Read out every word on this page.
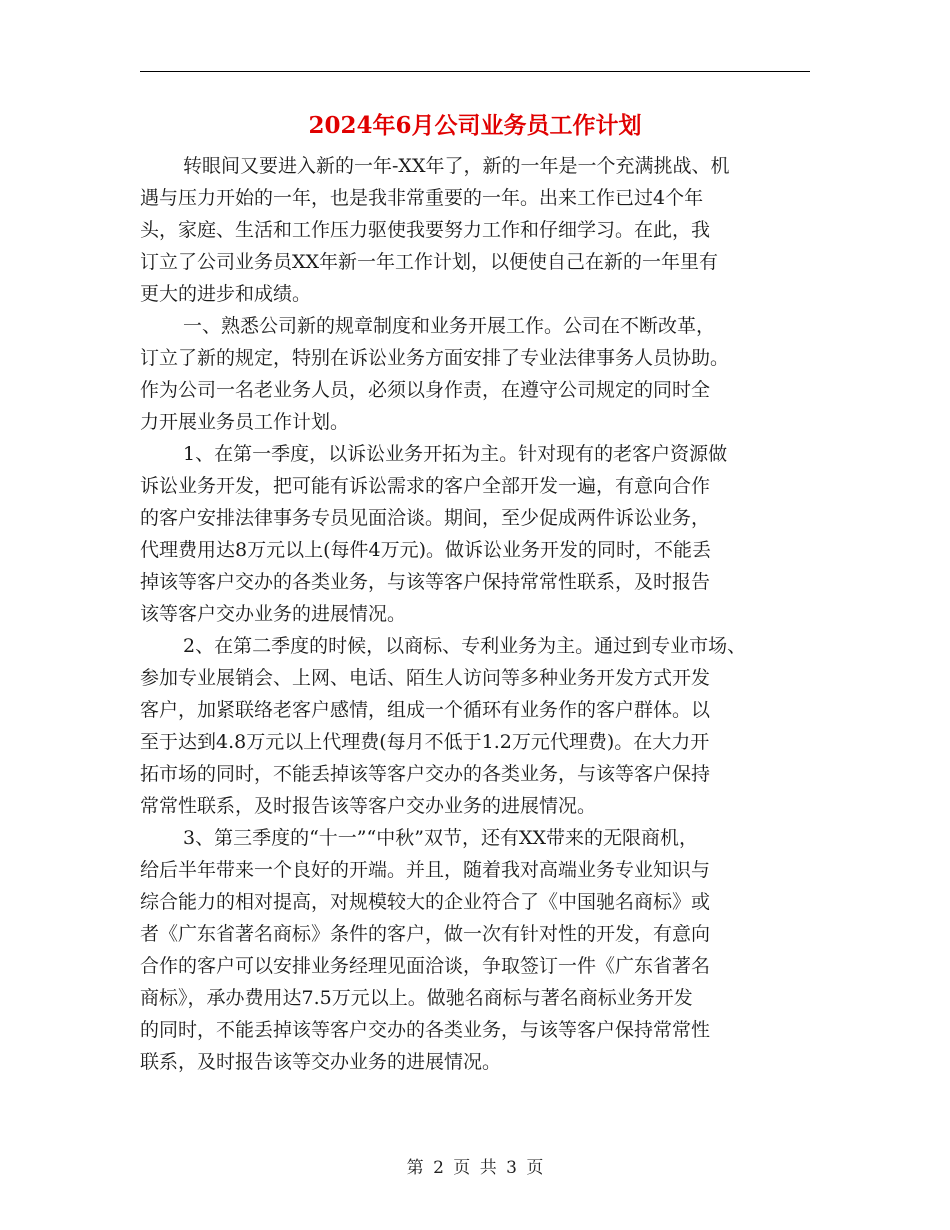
2024年6月公司业务员工作计划
转眼间又要进入新的一年-XX年了，新的一年是一个充满挑战、机
遇与压力开始的一年，也是我非常重要的一年。出来工作已过4个年
头，家庭、生活和工作压力驱使我要努力工作和仔细学习。在此，我
订立了公司业务员XX年新一年工作计划，以便使自己在新的一年里有
更大的进步和成绩。
一、熟悉公司新的规章制度和业务开展工作。公司在不断改革，
订立了新的规定，特别在诉讼业务方面安排了专业法律事务人员协助。
作为公司一名老业务人员，必须以身作责，在遵守公司规定的同时全
力开展业务员工作计划。
1、在第一季度，以诉讼业务开拓为主。针对现有的老客户资源做
诉讼业务开发，把可能有诉讼需求的客户全部开发一遍，有意向合作
的客户安排法律事务专员见面洽谈。期间，至少促成两件诉讼业务，
代理费用达8万元以上(每件4万元)。做诉讼业务开发的同时，不能丢
掉该等客户交办的各类业务，与该等客户保持常常性联系，及时报告
该等客户交办业务的进展情况。
2、在第二季度的时候，以商标、专利业务为主。通过到专业市场、
参加专业展销会、上网、电话、陌生人访问等多种业务开发方式开发
客户，加紧联络老客户感情，组成一个循环有业务作的客户群体。以
至于达到4.8万元以上代理费(每月不低于1.2万元代理费)。在大力开
拓市场的同时，不能丢掉该等客户交办的各类业务，与该等客户保持
常常性联系，及时报告该等客户交办业务的进展情况。
3、第三季度的“十一”“中秋”双节，还有XX带来的无限商机，
给后半年带来一个良好的开端。并且，随着我对高端业务专业知识与
综合能力的相对提高，对规模较大的企业符合了《中国驰名商标》或
者《广东省著名商标》条件的客户，做一次有针对性的开发，有意向
合作的客户可以安排业务经理见面洽谈，争取签订一件《广东省著名
商标》，承办费用达7.5万元以上。做驰名商标与著名商标业务开发
的同时，不能丢掉该等客户交办的各类业务，与该等客户保持常常性
联系，及时报告该等交办业务的进展情况。
第 2 页 共 3 页
